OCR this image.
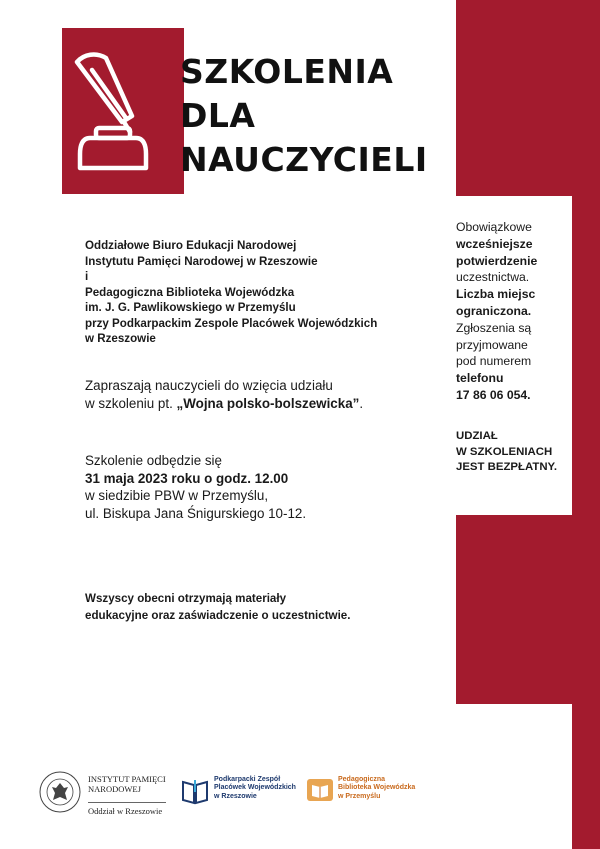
SZKOLENIA
DLA
NAUCZYCIELI
Oddziałowe Biuro Edukacji Narodowej
Instytutu Pamięci Narodowej w Rzeszowie
i
Pedagogiczna Biblioteka Wojewódzka
im. J. G. Pawlikowskiego w Przemyślu
przy Podkarpackim Zespole Placówek Wojewódzkich
w Rzeszowie
Zapraszają nauczycieli do wzięcia udziału
w szkoleniu pt. „Wojna polsko-bolszewicka”.
Szkolenie odbędzie się
31 maja 2023 roku o godz. 12.00
w siedzibie PBW w Przemyślu,
ul. Biskupa Jana Śnigurskiego 10-12.
Wszyscy obecni otrzymają materiały
edukacyjne oraz zaświadczenie o uczestnictwie.
Obowiązkowe
wcześniejsze
potwierdzenie
uczestnictwa.
Liczba miejsc
ograniczona.
Zgłoszenia są
przyjmowane
pod numerem
telefonu
17 86 06 054.
UDZIAŁ
W SZKOLENIACH
JEST BEZPŁATNY.
INSTYTUT PAMIĘCI
NARODOWEJ
Oddział w Rzeszowie
Podkarpacki Zespół
Placówek Wojewódzkich
w Rzeszowie
Pedagogiczna
Biblioteka Wojewódzka
w Przemyślu
